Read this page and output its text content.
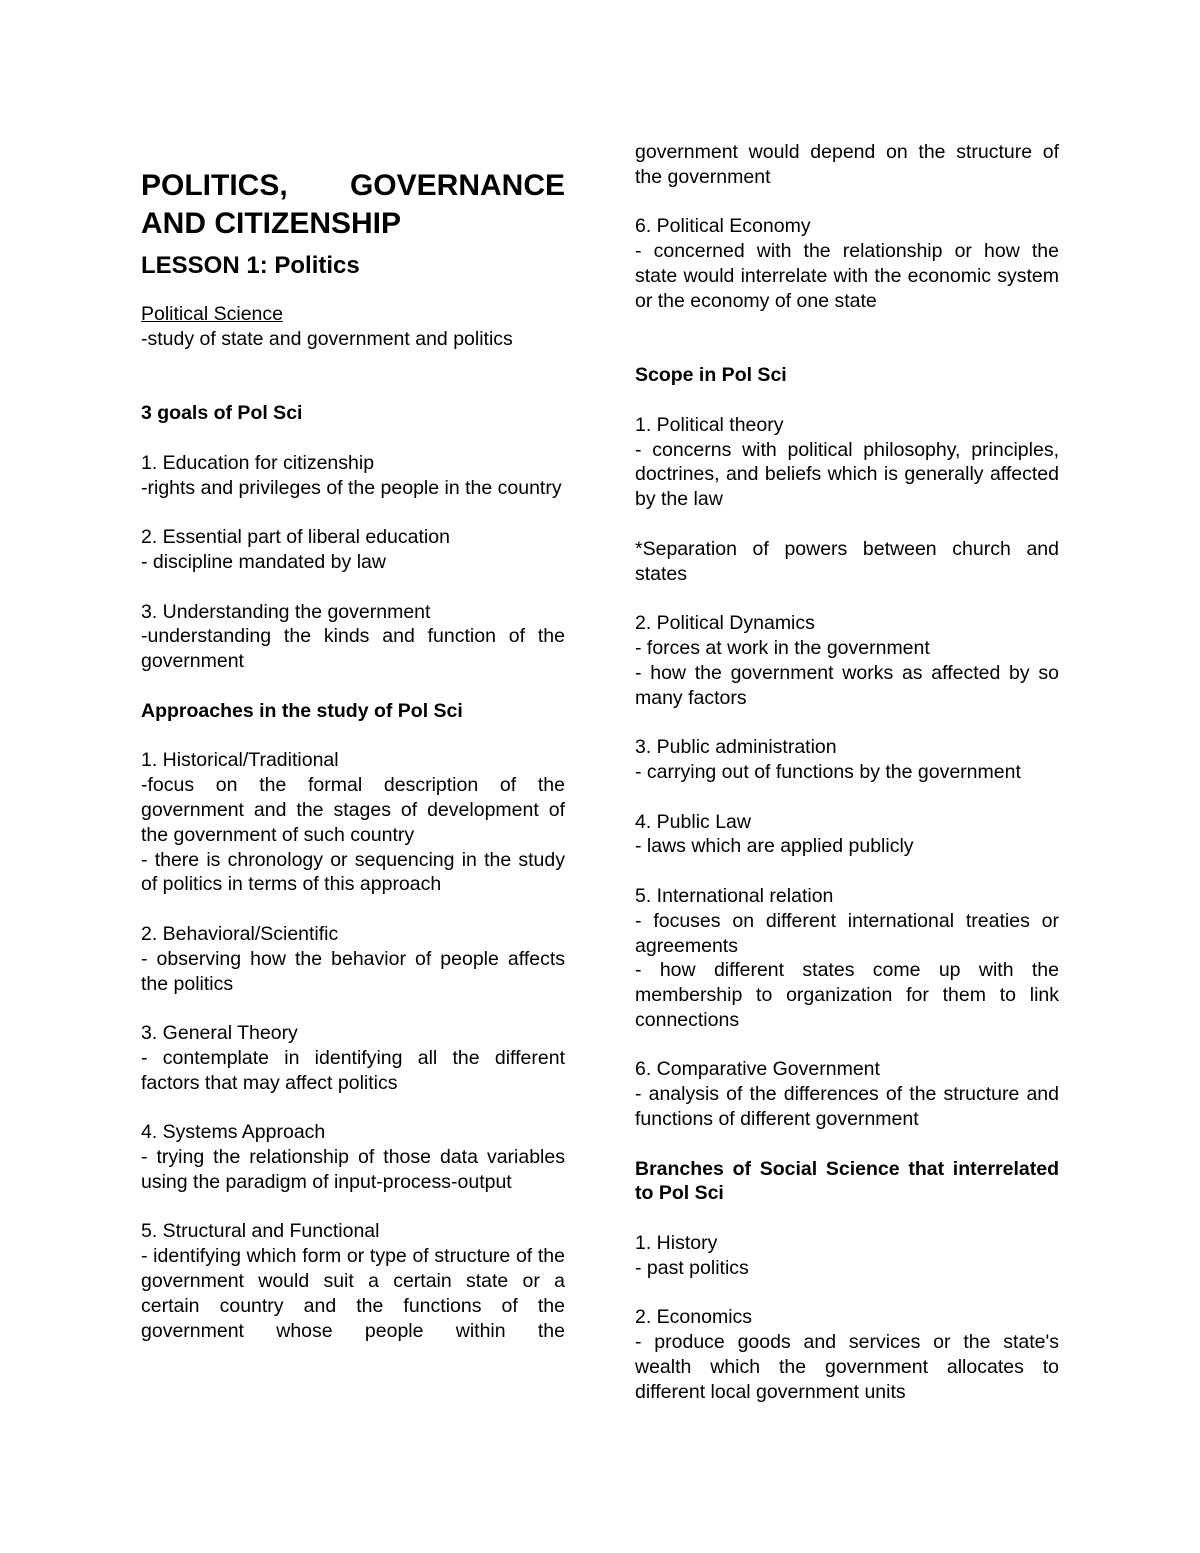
POLITICS, GOVERNANCE
AND CITIZENSHIP
LESSON 1: Politics

Political Science

-study of state and government and politics

3 goals of Pol Sci

1. Education for citizenship

-rights and privileges of the people in the country

2. Essential part of liberal education

- discipline mandated by law

3. Understanding the government

-understanding the kinds and function of the government

Approaches in the study of Pol Sci

1. Historical/Traditional

-focus on the formal description of the government and the stages of development of the government of such country

- there is chronology or sequencing in the study of politics in terms of this approach

2. Behavioral/Scientific

- observing how the behavior of people affects the politics

3. General Theory

- contemplate in identifying all the different factors that may affect politics

4. Systems Approach

- trying the relationship of those data variables using the paradigm of input-process-output

5. Structural and Functional

- identifying which form or type of structure of the government would suit a certain state or a certain country and the functions of the government whose people within the

government would depend on the structure of the government

6. Political Economy

- concerned with the relationship or how the state would interrelate with the economic system or the economy of one state

Scope in Pol Sci

1. Political theory

- concerns with political philosophy, principles, doctrines, and beliefs which is generally affected by the law

*Separation of powers between church and states

2. Political Dynamics

- forces at work in the government

- how the government works as affected by so many factors

3. Public administration

- carrying out of functions by the government

4. Public Law

- laws which are applied publicly

5. International relation

- focuses on different international treaties or agreements

- how different states come up with the membership to organization for them to link connections

6. Comparative Government

- analysis of the differences of the structure and functions of different government

Branches of Social Science that interrelated to Pol Sci

1. History

- past politics

2. Economics

- produce goods and services or the state's wealth which the government allocates to different local government units
